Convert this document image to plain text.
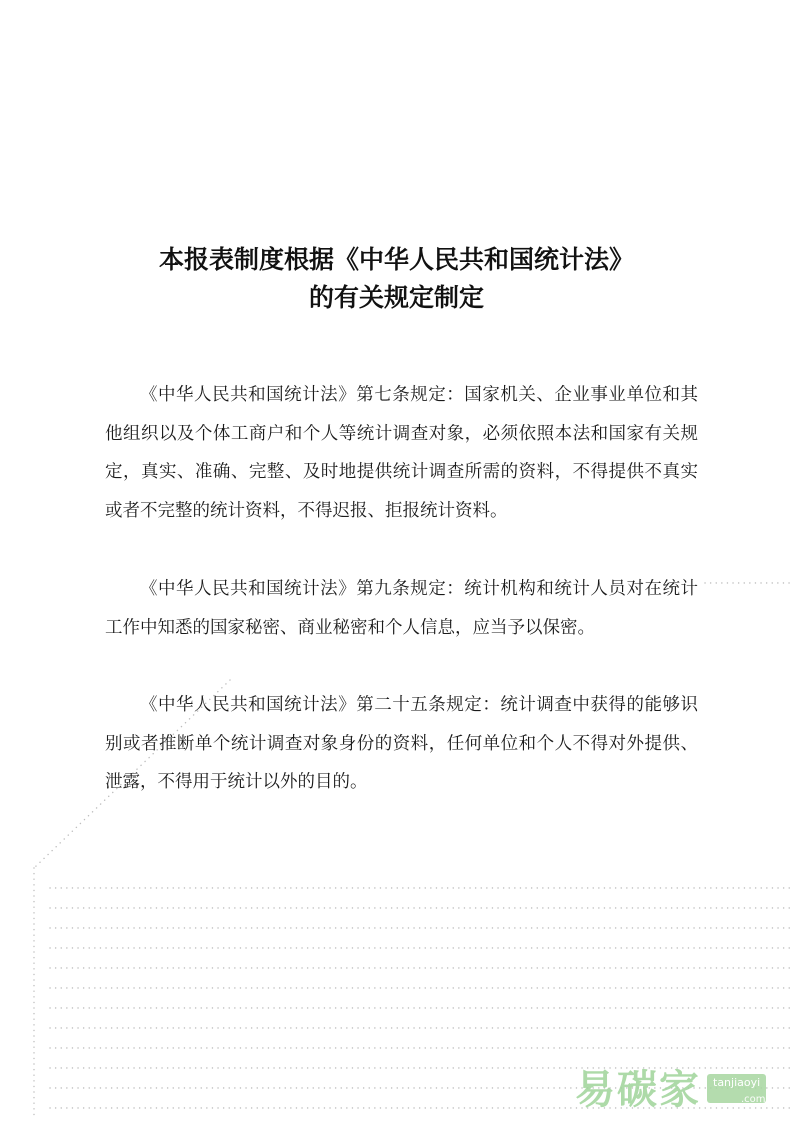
本报表制度根据《中华人民共和国统计法》
的有关规定制定

《中华人民共和国统计法》第七条规定：国家机关、企业事业单位和其他组织以及个体工商户和个人等统计调查对象，必须依照本法和国家有关规定，真实、准确、完整、及时地提供统计调查所需的资料，不得提供不真实或者不完整的统计资料，不得迟报、拒报统计资料。

《中华人民共和国统计法》第九条规定：统计机构和统计人员对在统计工作中知悉的国家秘密、商业秘密和个人信息，应当予以保密。

《中华人民共和国统计法》第二十五条规定：统计调查中获得的能够识别或者推断单个统计调查对象身份的资料，任何单位和个人不得对外提供、泄露，不得用于统计以外的目的。

易碳家	tanjiaoyi
.com
